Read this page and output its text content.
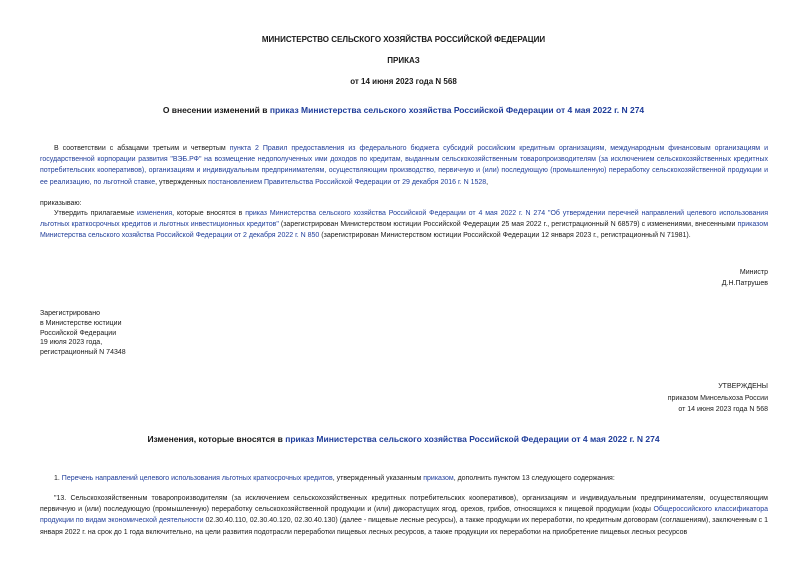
МИНИСТЕРСТВО СЕЛЬСКОГО ХОЗЯЙСТВА РОССИЙСКОЙ ФЕДЕРАЦИИ
ПРИКАЗ
от 14 июня 2023 года N 568
О внесении изменений в приказ Министерства сельского хозяйства Российской Федерации от 4 мая 2022 г. N 274
В соответствии с абзацами третьим и четвертым пункта 2 Правил предоставления из федерального бюджета субсидий российским кредитным организациям, международным финансовым организациям и государственной корпорации развития "ВЭБ.РФ" на возмещение недополученных ими доходов по кредитам, выданным сельскохозяйственным товаропроизводителям (за исключением сельскохозяйственных кредитных потребительских кооперативов), организациям и индивидуальным предпринимателям, осуществляющим производство, первичную и (или) последующую (промышленную) переработку сельскохозяйственной продукции и ее реализацию, по льготной ставке, утвержденных постановлением Правительства Российской Федерации от 29 декабря 2016 г. N 1528,
приказываю:
Утвердить прилагаемые изменения, которые вносятся в приказ Министерства сельского хозяйства Российской Федерации от 4 мая 2022 г. N 274 "Об утверждении перечней направлений целевого использования льготных краткосрочных кредитов и льготных инвестиционных кредитов" (зарегистрирован Министерством юстиции Российской Федерации 25 мая 2022 г., регистрационный N 68579) с изменениями, внесенными приказом Министерства сельского хозяйства Российской Федерации от 2 декабря 2022 г. N 850 (зарегистрирован Министерством юстиции Российской Федерации 12 января 2023 г., регистрационный N 71981).
Министр
Д.Н.Патрушев
Зарегистрировано
в Министерстве юстиции
Российской Федерации
19 июля 2023 года,
регистрационный N 74348
УТВЕРЖДЕНЫ
приказом Минсельхоза России
от 14 июня 2023 года N 568
Изменения, которые вносятся в приказ Министерства сельского хозяйства Российской Федерации от 4 мая 2022 г. N 274
1. Перечень направлений целевого использования льготных краткосрочных кредитов, утвержденный указанным приказом, дополнить пунктом 13 следующего содержания:
"13. Сельскохозяйственным товаропроизводителям (за исключением сельскохозяйственных кредитных потребительских кооперативов), организациям и индивидуальным предпринимателям, осуществляющим первичную и (или) последующую (промышленную) переработку сельскохозяйственной продукции и (или) дикорастущих ягод, орехов, грибов, относящихся к пищевой продукции (коды Общероссийского классификатора продукции по видам экономической деятельности 02.30.40.110, 02.30.40.120, 02.30.40.130) (далее - пищевые лесные ресурсы), а также продукции их переработки, по кредитным договорам (соглашениям), заключенным с 1 января 2022 г. на срок до 1 года включительно, на цели развития подотрасли переработки пищевых лесных ресурсов, а также продукции их переработки на приобретение пищевых лесных ресурсов
